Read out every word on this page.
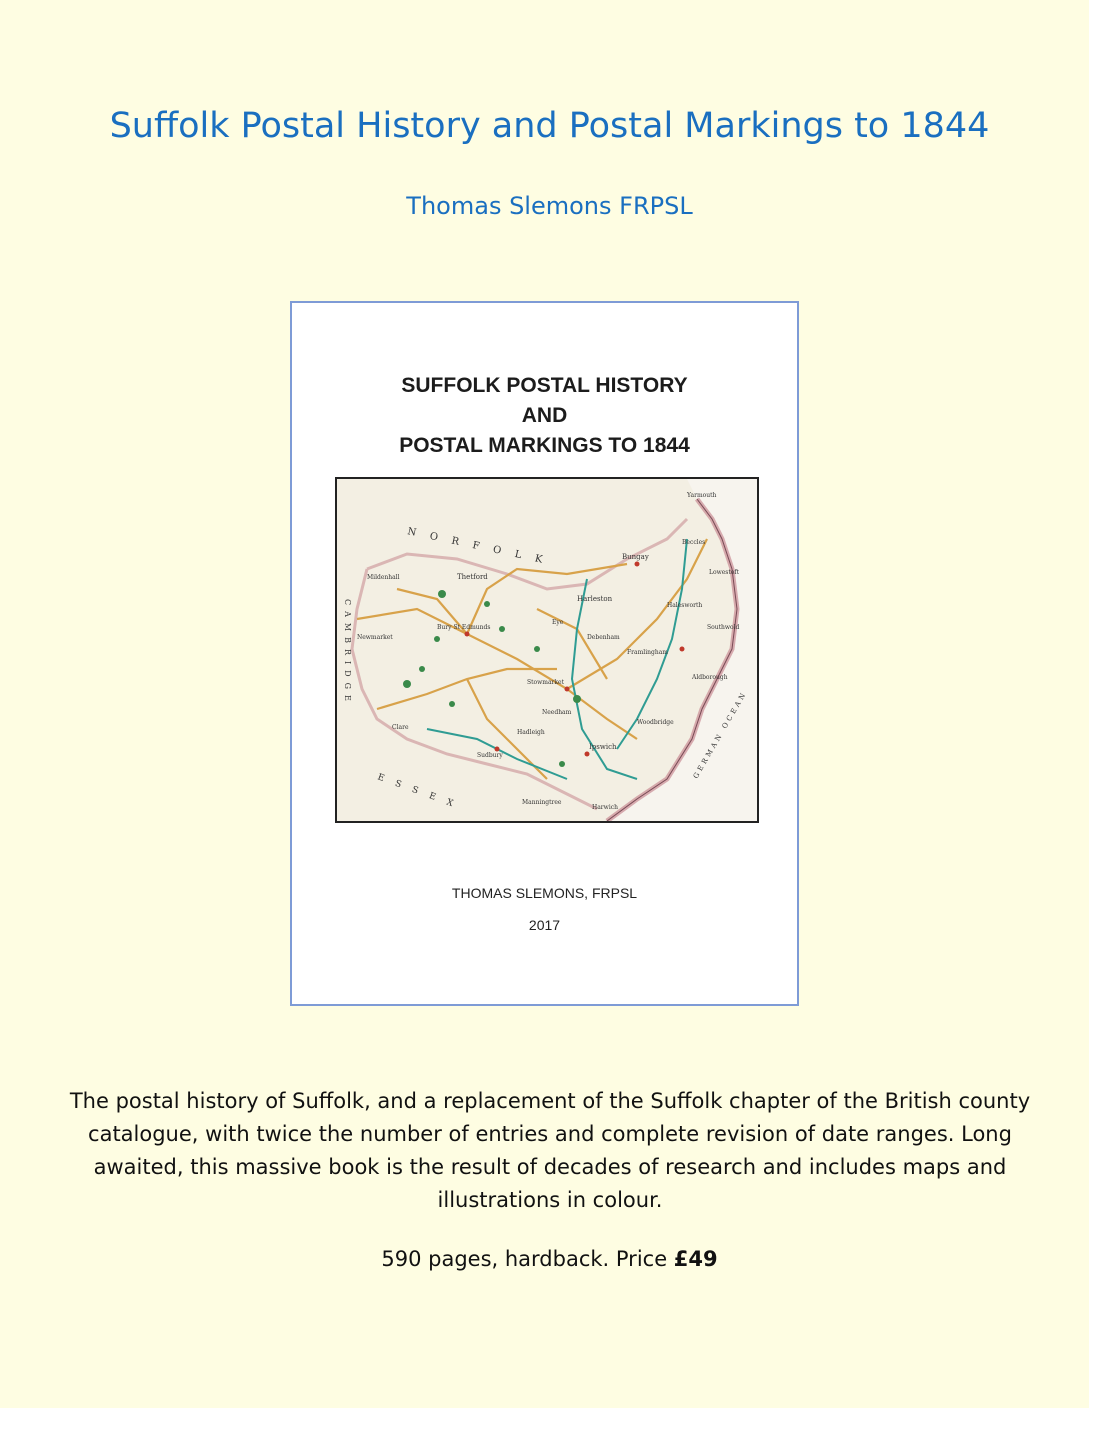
Suffolk Postal History and Postal Markings to 1844

Thomas Slemons FRPSL

SUFFOLK POSTAL HISTORY
AND
POSTAL MARKINGS TO 1844
NORFOLK
CAMBRIDGE
ESSEX
GERMAN OCEAN
Thetford
Bungay
Harleston
Yarmouth
Lowestoft
Southwold
Aldborough
Woodbridge
Ipswich
Harwich
Sudbury
Bury St Edmunds
Newmarket
Stowmarket
Needham
Framlingham
Debenham
Mildenhall
Hadleigh
Halesworth
Clare
Eye
Beccles
Manningtree
THOMAS SLEMONS, FRPSL
2017

The postal history of Suffolk, and a replacement of the Suffolk chapter of the British county catalogue, with twice the number of entries and complete revision of date ranges. Long awaited, this massive book is the result of decades of research and includes maps and illustrations in colour.

590 pages, hardback. Price £49
